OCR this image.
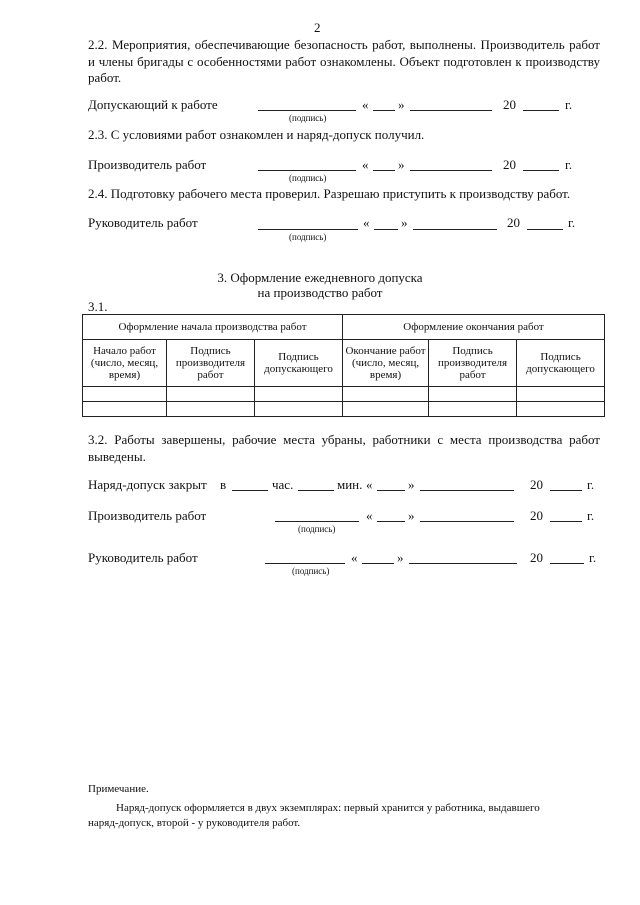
2
2.2. Мероприятия, обеспечивающие безопасность работ, выполнены. Производитель работ и члены бригады с особенностями работ ознакомлены. Объект подготовлен к производству работ.
Допускающий к работе	« »	20	г.
(подпись)
2.3. С условиями работ ознакомлен и наряд-допуск получил.
Производитель работ	« »	20	г.
(подпись)
2.4. Подготовку рабочего места проверил. Разрешаю приступить к производству работ.
Руководитель работ	« »	20	г.
(подпись)
3. Оформление ежедневного допуска
на производство работ
3.1.
Оформление начала производства работ			Оформление окончания работ		
Начало работ (число, месяц, время)	Подпись производителя работ	Подпись допускающего	Окончание работ (число, месяц, время)	Подпись производителя работ	Подпись допускающего

3.2. Работы завершены, рабочие места убраны, работники с места производства работ выведены.
Наряд-допуск закрыт в	час.	мин. «	»	20	г.
Производитель работ	«	»	20	г.
(подпись)
Руководитель работ	«	»	20	г.
(подпись)
Примечание.
Наряд-допуск оформляется в двух экземплярах: первый хранится у работника, выдавшего
наряд-допуск, второй - у руководителя работ.
